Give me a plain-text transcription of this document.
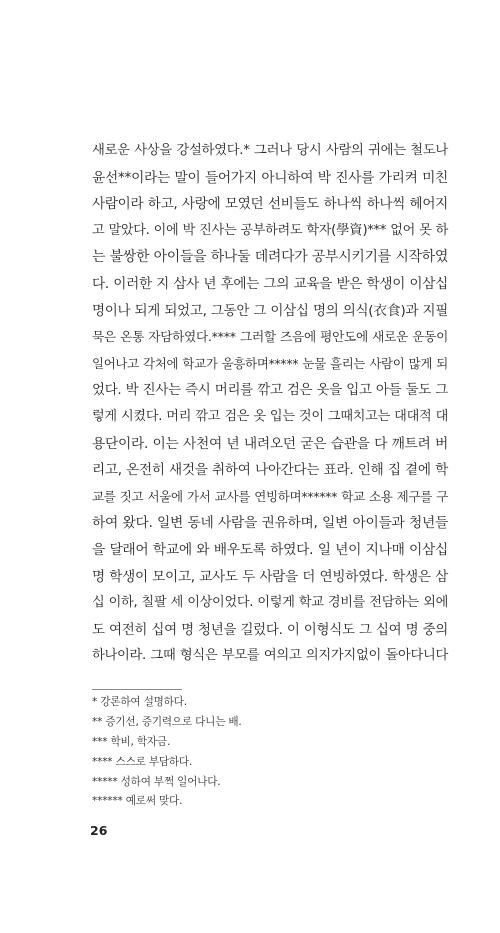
새로운 사상을 강설하였다.* 그러나 당시 사람의 귀에는 철도나
윤선**이라는 말이 들어가지 아니하여 박 진사를 가리켜 미친
사람이라 하고, 사랑에 모였던 선비들도 하나씩 하나씩 헤어지
고 말았다. 이에 박 진사는 공부하려도 학자(學資)*** 없어 못 하
는 불쌍한 아이들을 하나둘 데려다가 공부시키기를 시작하였
다. 이러한 지 삼사 년 후에는 그의 교육을 받은 학생이 이삼십
명이나 되게 되었고, 그동안 그 이삼십 명의 의식(衣食)과 지필
묵은 온통 자담하였다.**** 그러할 즈음에 평안도에 새로운 운동이
일어나고 각처에 학교가 울흥하며***** 눈물 흘리는 사람이 많게 되
었다. 박 진사는 즉시 머리를 깎고 검은 옷을 입고 아들 둘도 그
렇게 시켰다. 머리 깎고 검은 옷 입는 것이 그때치고는 대대적 대
용단이라. 이는 사천여 년 내려오던 굳은 습관을 다 깨트려 버
리고, 온전히 새것을 취하여 나아간다는 표라. 인해 집 곁에 학
교를 짓고 서울에 가서 교사를 연빙하며****** 학교 소용 제구를 구
하여 왔다. 일변 동네 사람을 권유하며, 일변 아이들과 청년들
을 달래어 학교에 와 배우도록 하였다. 일 년이 지나매 이삼십
명 학생이 모이고, 교사도 두 사람을 더 연빙하였다. 학생은 삼
십 이하, 칠팔 세 이상이었다. 이렇게 학교 경비를 전담하는 외에
도 여전히 십여 명 청년을 길렀다. 이 이형식도 그 십여 명 중의
하나이라. 그때 형식은 부모를 여의고 의지가지없이 돌아다니다
* 강론하여 설명하다.
** 증기선, 증기력으로 다니는 배.
*** 학비, 학자금.
**** 스스로 부담하다.
***** 성하여 부쩍 일어나다.
****** 예로써 맞다.
26
